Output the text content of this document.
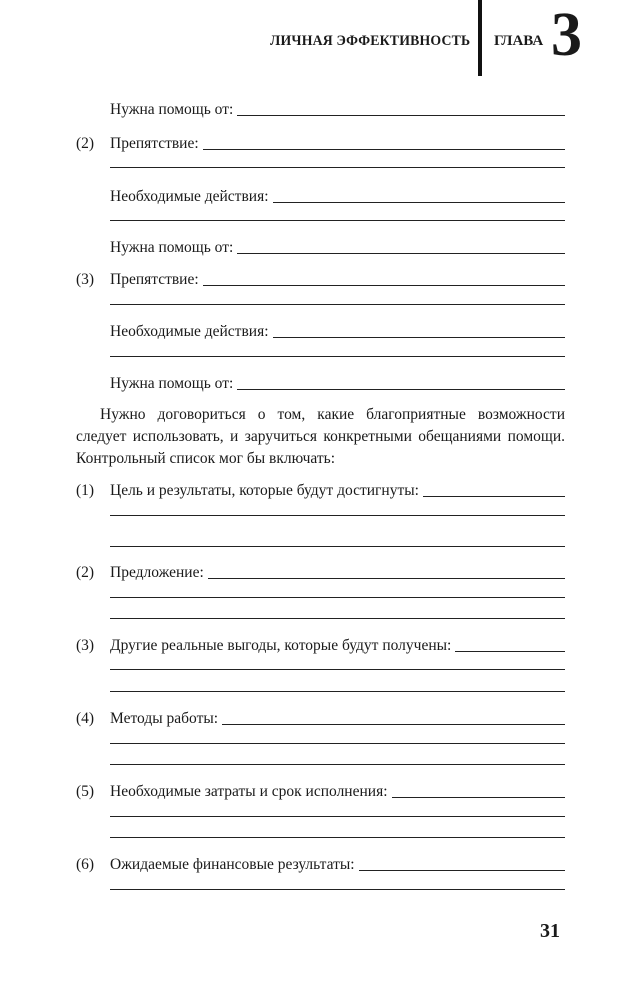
ЛИЧНАЯ ЭФФЕКТИВНОСТЬ ГЛАВА 3
Нужна помощь от:
(2) Препятствие:
Необходимые действия:
Нужна помощь от:
(3) Препятствие:
Необходимые действия:
Нужна помощь от:

Нужно договориться о том, какие благоприятные возможности следует использовать, и заручиться конкретными обещаниями помощи. Контрольный список мог бы включать:

(1) Цель и результаты, которые будут достигнуты:
(2) Предложение:
(3) Другие реальные выгоды, которые будут получены:
(4) Методы работы:
(5) Необходимые затраты и срок исполнения:
(6) Ожидаемые финансовые результаты:
31
